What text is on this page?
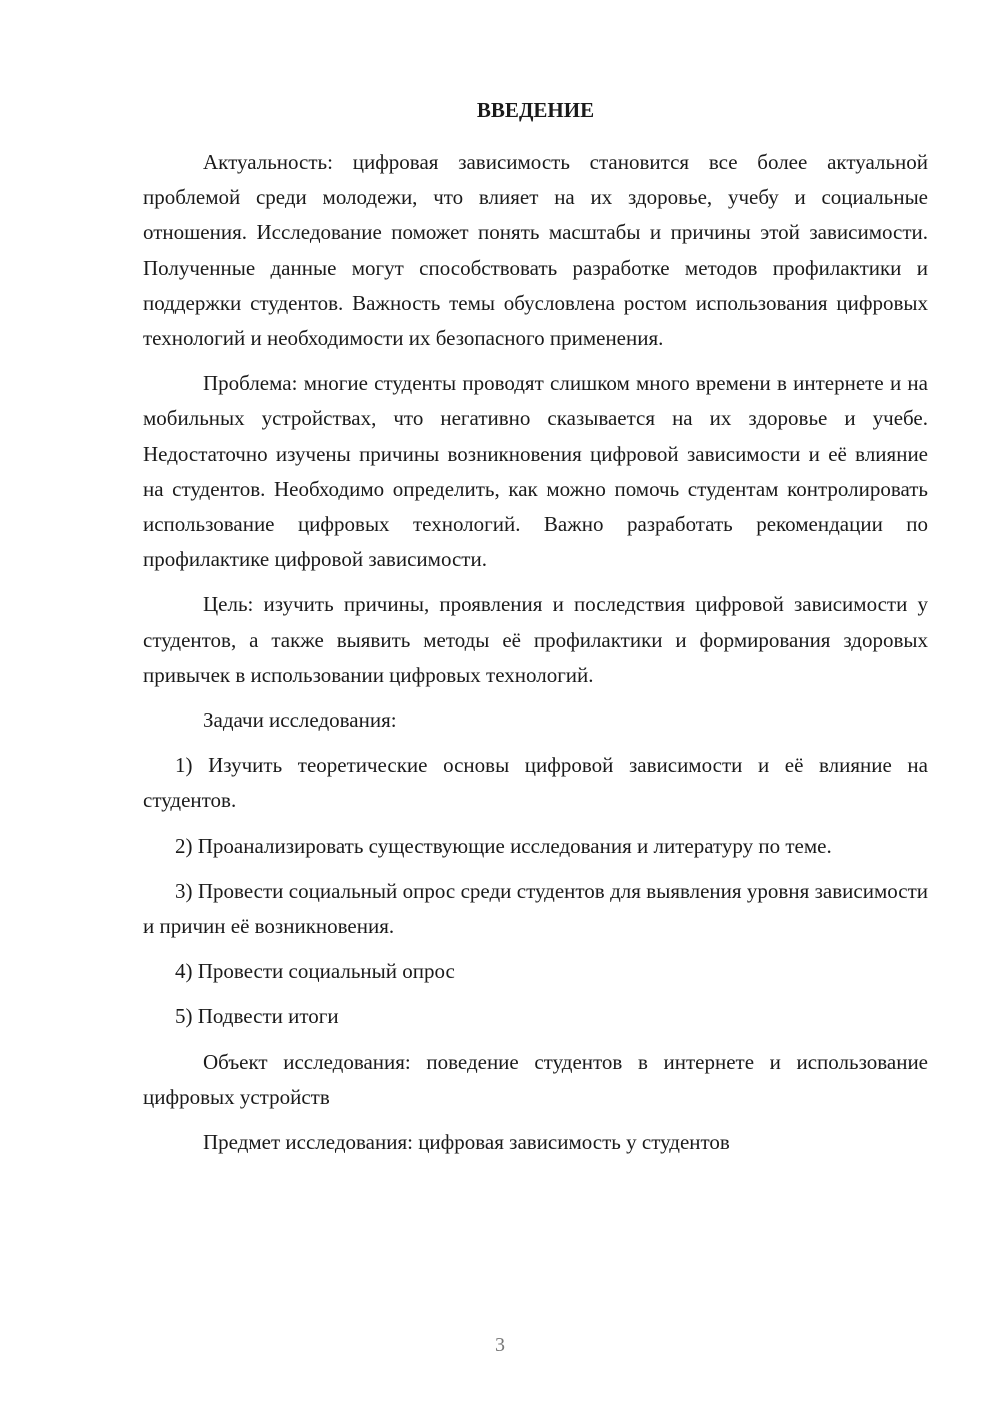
ВВЕДЕНИЕ

Актуальность: цифровая зависимость становится все более актуальной проблемой среди молодежи, что влияет на их здоровье, учебу и социальные отношения. Исследование поможет понять масштабы и причины этой зависимости. Полученные данные могут способствовать разработке методов профилактики и поддержки студентов. Важность темы обусловлена ростом использования цифровых технологий и необходимости их безопасного применения.

Проблема: многие студенты проводят слишком много времени в интернете и на мобильных устройствах, что негативно сказывается на их здоровье и учебе. Недостаточно изучены причины возникновения цифровой зависимости и её влияние на студентов. Необходимо определить, как можно помочь студентам контролировать использование цифровых технологий. Важно разработать рекомендации по профилактике цифровой зависимости.

Цель: изучить причины, проявления и последствия цифровой зависимости у студентов, а также выявить методы её профилактики и формирования здоровых привычек в использовании цифровых технологий.

Задачи исследования:

1) Изучить теоретические основы цифровой зависимости и её влияние на студентов.

2) Проанализировать существующие исследования и литературу по теме.

3) Провести социальный опрос среди студентов для выявления уровня зависимости и причин её возникновения.

4) Провести социальный опрос

5) Подвести итоги

Объект исследования: поведение студентов в интернете и использование цифровых устройств

Предмет исследования: цифровая зависимость у студентов

3
